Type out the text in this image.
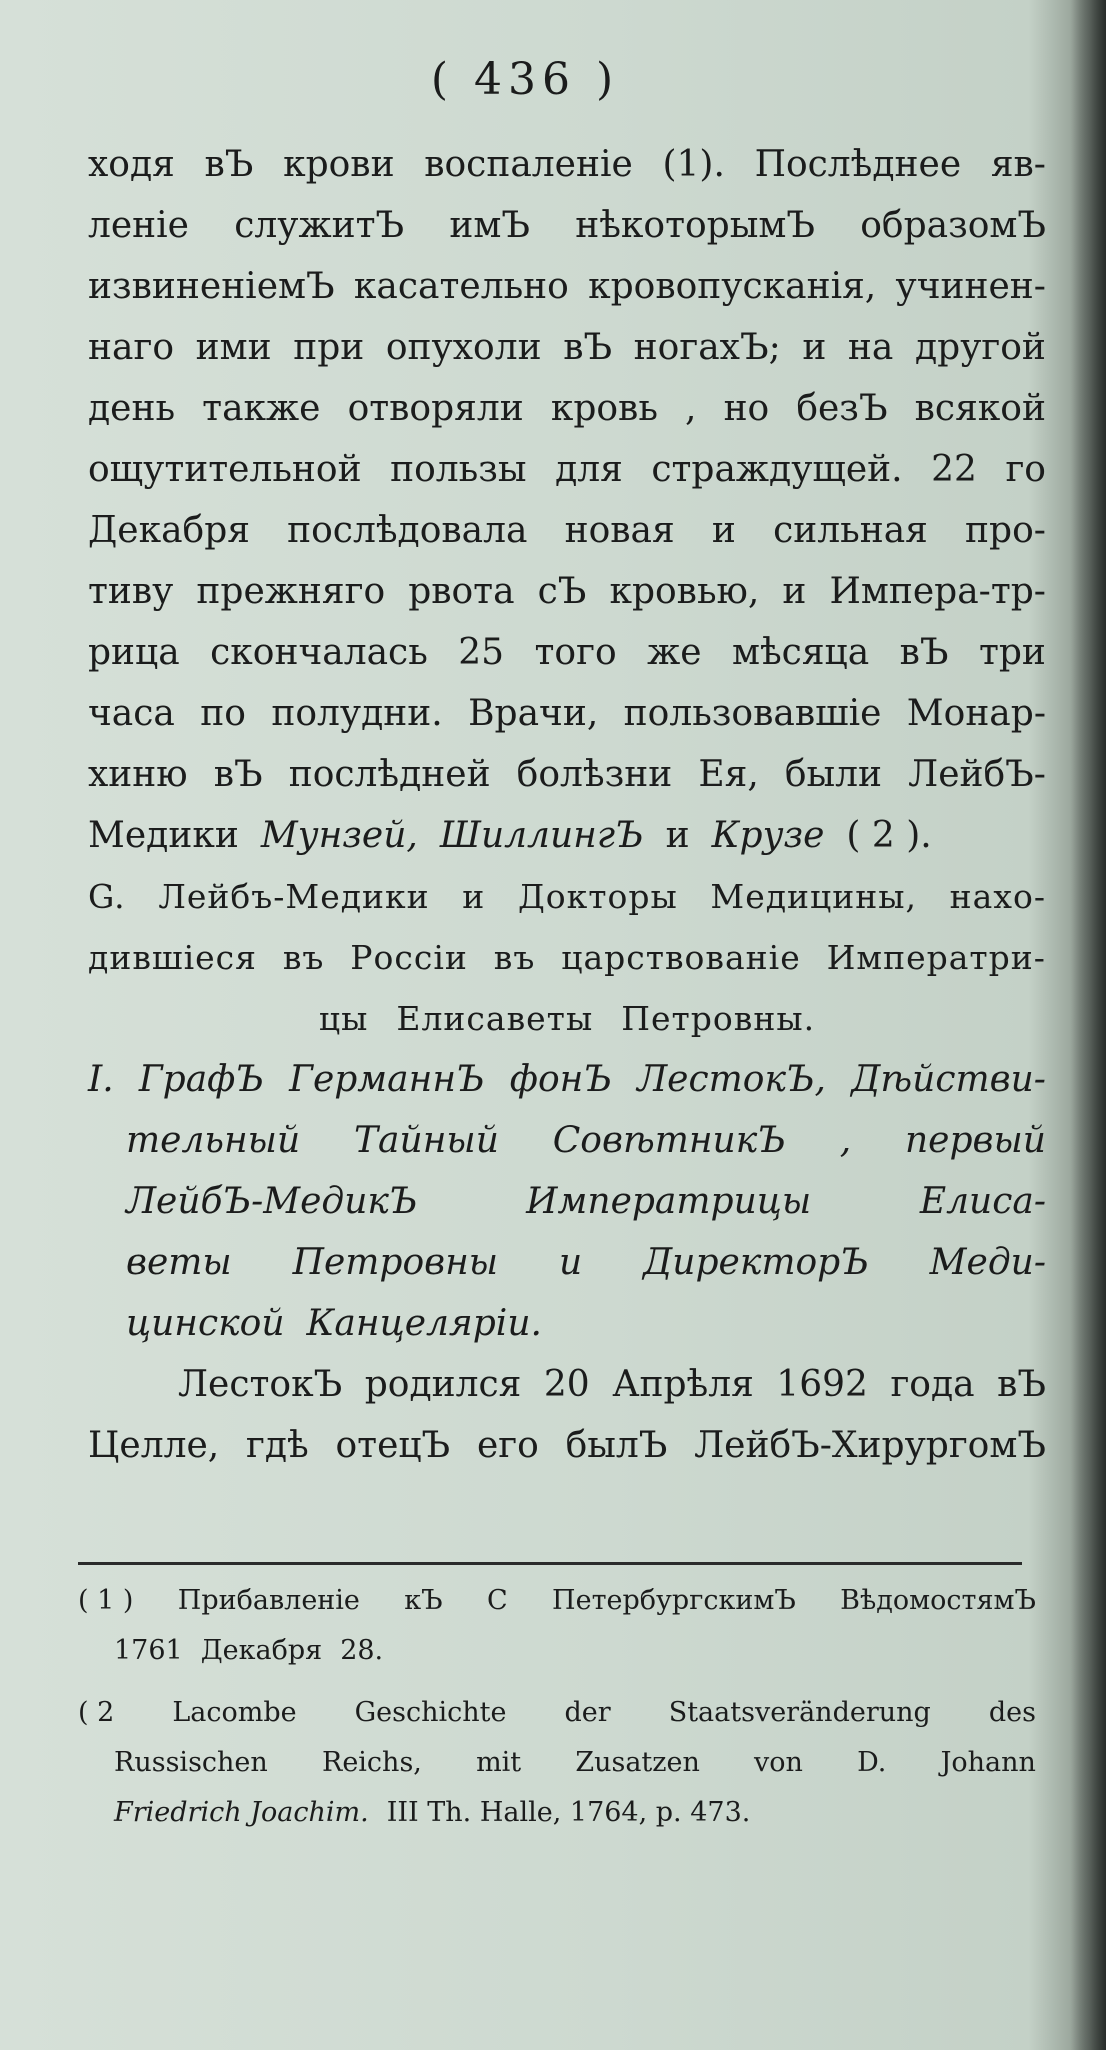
( 436 )
ходя вЪ крови воспаленіе (1). Послѣднее яв-
леніе служитЪ имЪ нѣкоторымЪ образомЪ
извиненіемЪ касательно кровопусканія, учинен-
наго ими при опухоли вЪ ногахЪ; и на другой
день также отворяли кровь , но безЪ всякой
ощутительной пользы для страждущей. 22 го
Декабря послѣдовала новая и сильная про-
тиву прежняго рвота сЪ кровью, и Импера-тр-
рица скончалась 25 того же мѣсяца вЪ три
часа по полудни. Врачи, пользовавшіе Монар-
хиню вЪ послѣдней болѣзни Ея, были ЛейбЪ-
Медики Мунзей, ШиллингЪ и Крузе ( 2 ).
G. Лейбъ-Медики и Докторы Медицины, нахо-
дившіеся въ Россіи въ царствованіе Императри-
цы Елисаветы Петровны.
I. ГрафЪ ГерманнЪ фонЪ ЛестокЪ, Дѣйстви-
тельный Тайный СовѣтникЪ , первый
ЛейбЪ-МедикЪ	Императрицы	Елиса-
веты Петровны и ДиректорЪ Меди-
цинской Канцеляріи.
ЛестокЪ родился 20 Апрѣля 1692 года вЪ
Целле, гдѣ отецЪ его былЪ ЛейбЪ-ХирургомЪ
( 1 ) Прибавленіе кЪ С ПетербургскимЪ ВѣдомостямЪ
1761 Декабря 28.
( 2 Lacombe Geschichte der Staatsveränderung des
Russischen Reichs, mit Zusatzen von D. Johann
Friedrich Joachim. III Th. Halle, 1764, p. 473.
